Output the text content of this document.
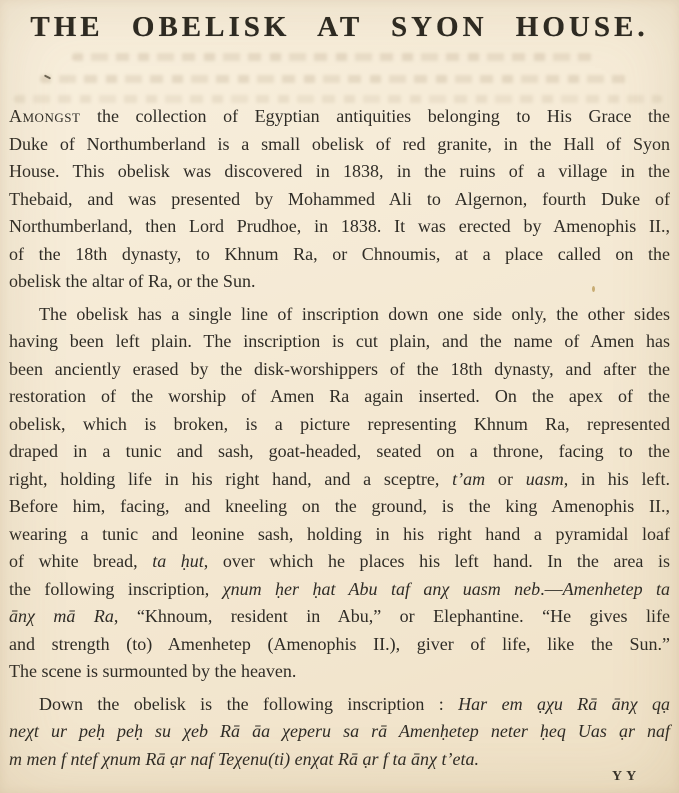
THE OBELISK AT SYON HOUSE.
Amongst the collection of Egyptian antiquities belonging to His Grace the
Duke of Northumberland is a small obelisk of red granite, in the Hall of Syon
House. This obelisk was discovered in 1838, in the ruins of a village in the
Thebaid, and was presented by Mohammed Ali to Algernon, fourth Duke of
Northumberland, then Lord Prudhoe, in 1838. It was erected by Amenophis II.,
of the 18th dynasty, to Khnum Ra, or Chnoumis, at a place called on the
obelisk the altar of Ra, or the Sun.
The obelisk has a single line of inscription down one side only, the other sides
having been left plain. The inscription is cut plain, and the name of Amen has
been anciently erased by the disk-worshippers of the 18th dynasty, and after the
restoration of the worship of Amen Ra again inserted. On the apex of the
obelisk, which is broken, is a picture representing Khnum Ra, represented
draped in a tunic and sash, goat-headed, seated on a throne, facing to the
right, holding life in his right hand, and a sceptre, t’am or uasm, in his left.
Before him, facing, and kneeling on the ground, is the king Amenophis II.,
wearing a tunic and leonine sash, holding in his right hand a pyramidal loaf
of white bread, ta ḥut, over which he places his left hand. In the area is
the following inscription, χnum ḥer ḥat Abu taf anχ uasm neb.—Amenhetep ta
ānχ mā Ra, “Khnoum, resident in Abu,” or Elephantine. “He gives life
and strength (to) Amenhetep (Amenophis II.), giver of life, like the Sun.”
The scene is surmounted by the heaven.
Down the obelisk is the following inscription : Har em ạχu Rā ānχ qạ
neχt ur peḥ peḥ su χeb Rā āa χeperu sa rā Amenḥetep neter ḥeq Uas ạr naf
m men f ntef χnum Rā ạr naf Teχenu(ti) enχat Rā ạr f ta ānχ t’eta.
YY
